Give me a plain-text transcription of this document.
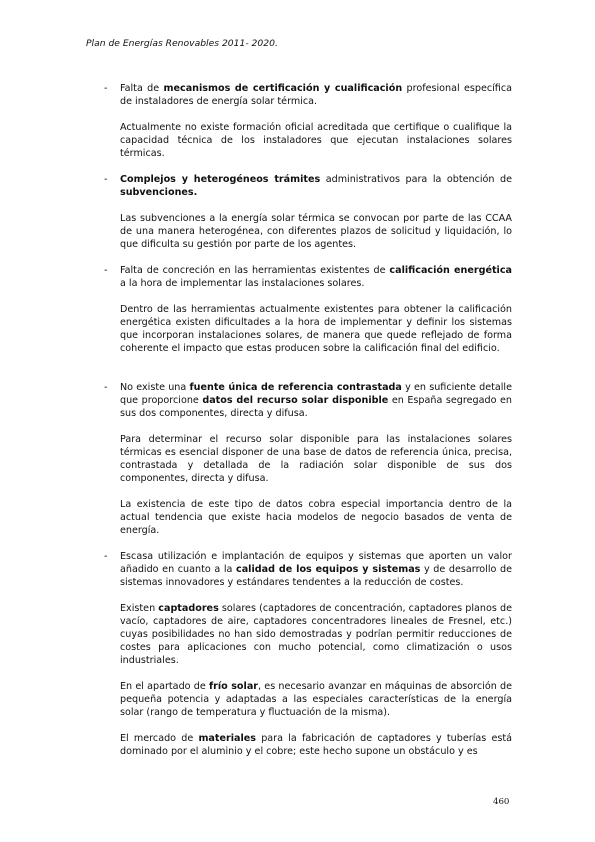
Plan de Energías Renovables 2011- 2020.
- Falta de mecanismos de certificación y cualificación profesional específica de instaladores de energía solar térmica.

Actualmente no existe formación oficial acreditada que certifique o cualifique la capacidad técnica de los instaladores que ejecutan instalaciones solares térmicas.

- Complejos y heterogéneos trámites administrativos para la obtención de subvenciones.

Las subvenciones a la energía solar térmica se convocan por parte de las CCAA de una manera heterogénea, con diferentes plazos de solicitud y liquidación, lo que dificulta su gestión por parte de los agentes.

- Falta de concreción en las herramientas existentes de calificación energética a la hora de implementar las instalaciones solares.

Dentro de las herramientas actualmente existentes para obtener la calificación energética existen dificultades a la hora de implementar y definir los sistemas que incorporan instalaciones solares, de manera que quede reflejado de forma coherente el impacto que estas producen sobre la calificación final del edificio.

- No existe una fuente única de referencia contrastada y en suficiente detalle que proporcione datos del recurso solar disponible en España segregado en sus dos componentes, directa y difusa.

Para determinar el recurso solar disponible para las instalaciones solares térmicas es esencial disponer de una base de datos de referencia única, precisa, contrastada y detallada de la radiación solar disponible de sus dos componentes, directa y difusa.

La existencia de este tipo de datos cobra especial importancia dentro de la actual tendencia que existe hacia modelos de negocio basados de venta de energía.

- Escasa utilización e implantación de equipos y sistemas que aporten un valor añadido en cuanto a la calidad de los equipos y sistemas y de desarrollo de sistemas innovadores y estándares tendentes a la reducción de costes.

Existen captadores solares (captadores de concentración, captadores planos de vacío, captadores de aire, captadores concentradores lineales de Fresnel, etc.) cuyas posibilidades no han sido demostradas y podrían permitir reducciones de costes para aplicaciones con mucho potencial, como climatización o usos industriales.

En el apartado de frío solar, es necesario avanzar en máquinas de absorción de pequeña potencia y adaptadas a las especiales características de la energía solar (rango de temperatura y fluctuación de la misma).

El mercado de materiales para la fabricación de captadores y tuberías está dominado por el aluminio y el cobre; este hecho supone un obstáculo y es

460
